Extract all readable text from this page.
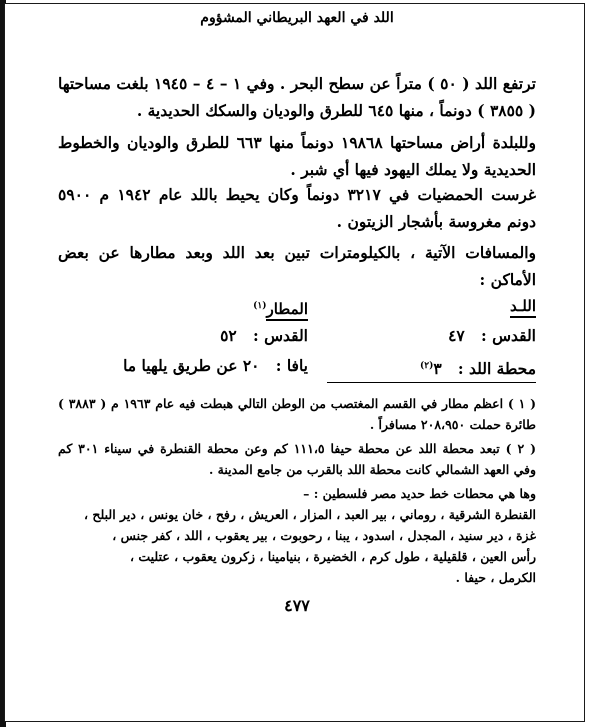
اللد في العهد البريطاني المشؤوم

ترتفع اللد ( ٥٠ ) متراً عن سطح البحر . وفي ١ – ٤ – ١٩٤٥ بلغت مساحتها ( ٣٨٥٥ ) دونماً ، منها ٦٤٥ للطرق والوديان والسكك الحديدية .

وللبلدة أراض مساحتها ١٩٨٦٨ دونماً منها ٦٦٣ للطرق والوديان والخطوط الحديدية ولا يملك اليهود فيها أي شبر .

غرست الحمضيات في ٣٢١٧ دونماً وكان يحيط باللد عام ١٩٤٢ م ٥٩٠٠ دونم مغروسة بأشجار الزيتون .

والمسافات الآتية ، بالكيلومترات تبين بعد اللد وبعد مطارها عن بعض الأماكن :

اللـد
القدس :   ٤٧
محطة اللد :   ٣$^{(٢)}$
المطار$^{(١)}$
القدس :   ٥٢
يافا :   ٢٠ عن طريق يلهيا ما

( ١ ) اعظم مطار في القسم المغتصب من الوطن التالي هبطت فيه عام ١٩٦٣ م ( ٣٨٨٣ ) طائرة حملت ٢٠٨،٩٥٠ مسافراً .

( ٢ ) تبعد محطة اللد عن محطة حيفا ١١١،٥ كم وعن محطة القنطرة في سيناء ٣٠١ كم وفي العهد الشمالي كانت محطة اللد بالقرب من جامع المدينة .

وها هي محطات خط حديد مصر فلسطين : –

القنطرة الشرقية ، روماني ، بير العبد ، المزار ، العريش ، رفح ، خان يونس ، دير البلح ،

غزة ، دير سنيد ، المجدل ، اسدود ، يبنا ، رحوبوت ، بير يعقوب ، اللد ، كفر جنس ،

رأس العين ، قلقيلية ، طول كرم ، الخضيرة ، بنيامينا ، زكرون يعقوب ، عتليت ،

الكرمل ، حيفا .

٤٧٧
